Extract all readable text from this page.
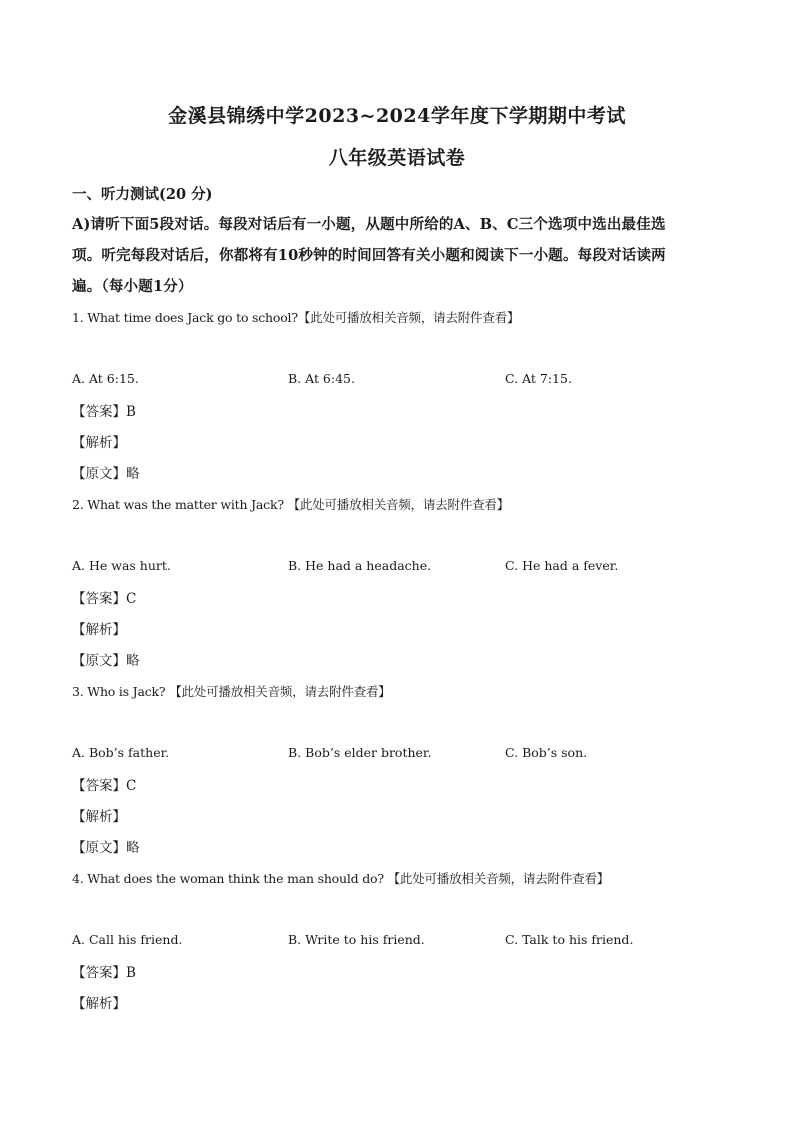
金溪县锦绣中学2023~2024学年度下学期期中考试
八年级英语试卷
一、听力测试(20 分)
A)请听下面5段对话。每段对话后有一小题，从题中所给的A、B、C三个选项中选出最佳选
项。听完每段对话后，你都将有10秒钟的时间回答有关小题和阅读下一小题。每段对话读两
遍。（每小题1分）
1. What time does Jack go to school?【此处可播放相关音频，请去附件查看】
A. At 6:15.	B. At 6:45.	C. At 7:15.
【答案】B
【解析】
【原文】略
2. What was the matter with Jack? 【此处可播放相关音频，请去附件查看】
A. He was hurt.	B. He had a headache.	C. He had a fever.
【答案】C
【解析】
【原文】略
3. Who is Jack? 【此处可播放相关音频，请去附件查看】
A. Bob’s father.	B. Bob’s elder brother.	C. Bob’s son.
【答案】C
【解析】
【原文】略
4. What does the woman think the man should do? 【此处可播放相关音频，请去附件查看】
A. Call his friend.	B. Write to his friend.	C. Talk to his friend.
【答案】B
【解析】
